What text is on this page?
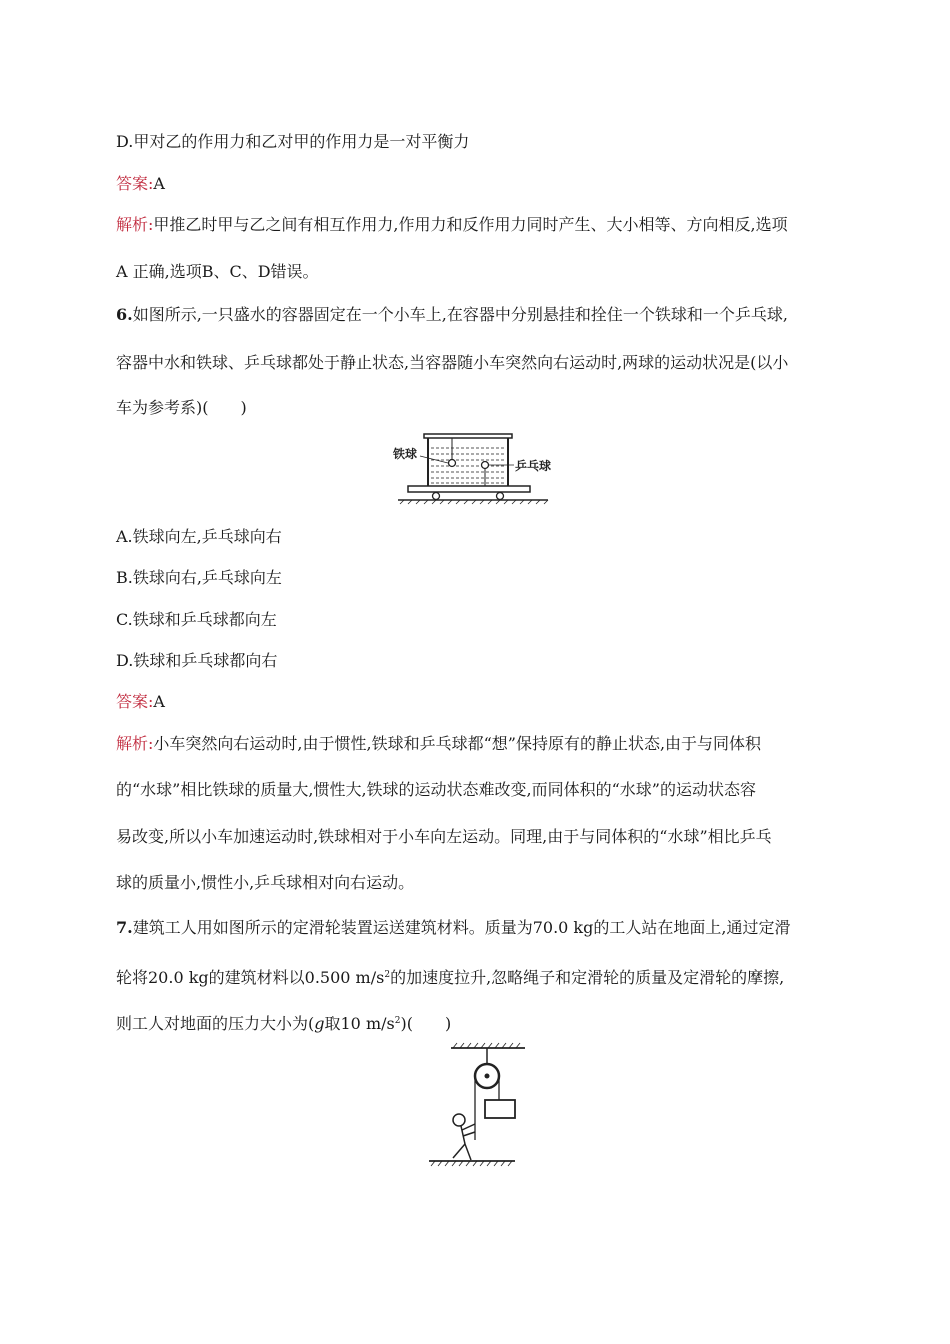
D.甲对乙的作用力和乙对甲的作用力是一对平衡力
答案:A
解析:甲推乙时甲与乙之间有相互作用力,作用力和反作用力同时产生、大小相等、方向相反,选项
A 正确,选项B、C、D错误。
6.如图所示,一只盛水的容器固定在一个小车上,在容器中分别悬挂和拴住一个铁球和一个乒乓球,
容器中水和铁球、乒乓球都处于静止状态,当容器随小车突然向右运动时,两球的运动状况是(以小
车为参考系)(　　)
铁球
乒乓球
A.铁球向左,乒乓球向右
B.铁球向右,乒乓球向左
C.铁球和乒乓球都向左
D.铁球和乒乓球都向右
答案:A
解析:小车突然向右运动时,由于惯性,铁球和乒乓球都“想”保持原有的静止状态,由于与同体积
的“水球”相比铁球的质量大,惯性大,铁球的运动状态难改变,而同体积的“水球”的运动状态容
易改变,所以小车加速运动时,铁球相对于小车向左运动。同理,由于与同体积的“水球”相比乒乓
球的质量小,惯性小,乒乓球相对向右运动。
7.建筑工人用如图所示的定滑轮装置运送建筑材料。质量为70.0 kg的工人站在地面上,通过定滑
轮将20.0 kg的建筑材料以0.500 $m/s^2$的加速度拉升,忽略绳子和定滑轮的质量及定滑轮的摩擦,
则工人对地面的压力大小为(g取10 $m/s^2$)(　　)
